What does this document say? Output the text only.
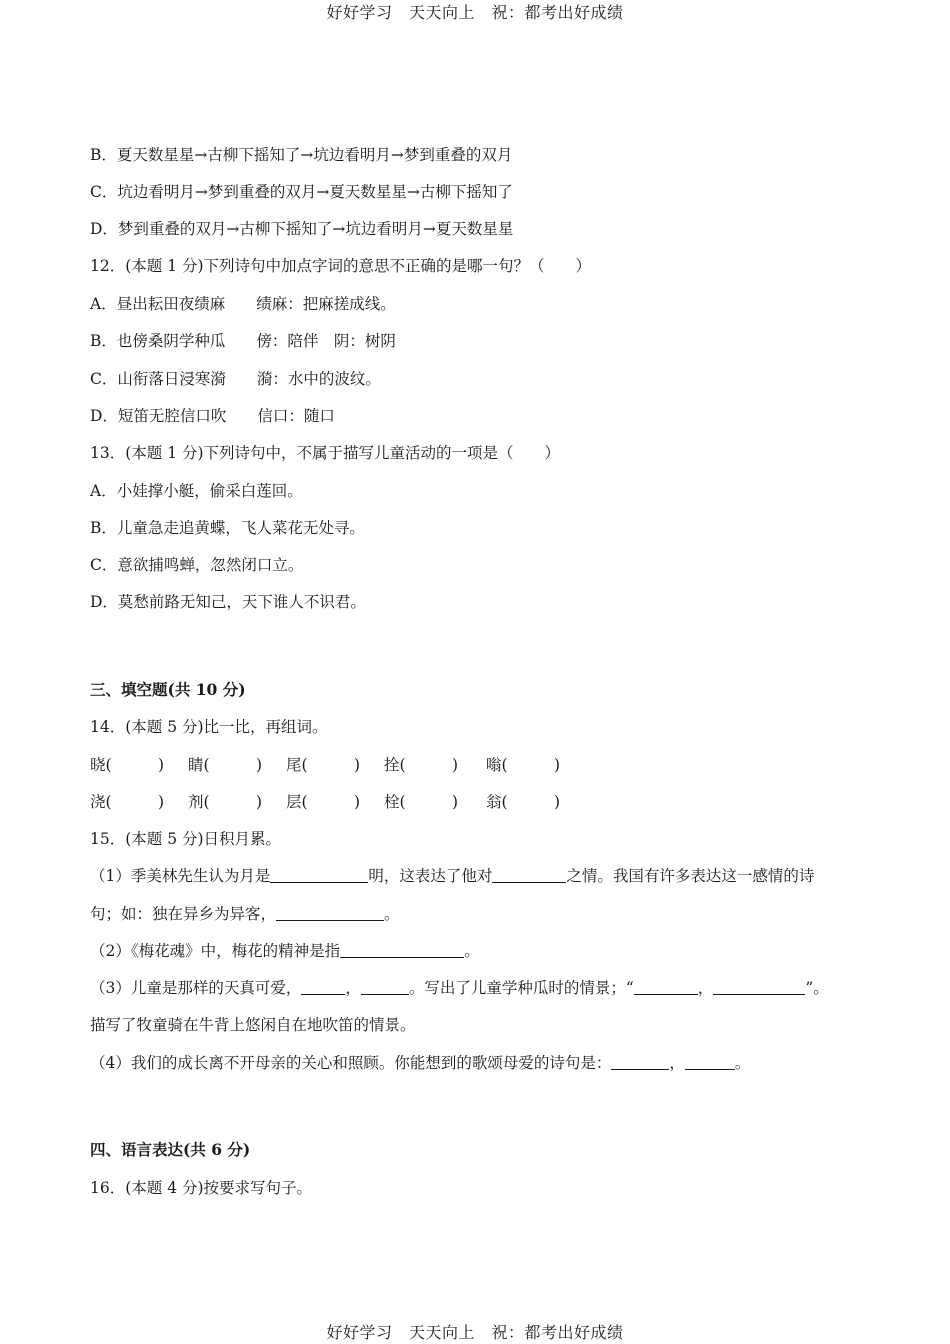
好好学习　天天向上　祝：都考出好成绩
B．夏天数星星→古柳下摇知了→坑边看明月→梦到重叠的双月
C．坑边看明月→梦到重叠的双月→夏天数星星→古柳下摇知了
D．梦到重叠的双月→古柳下摇知了→坑边看明月→夏天数星星
12．(本题 1 分)下列诗句中加点字词的意思不正确的是哪一句？（　　）
A．昼出耘田夜绩麻　　绩麻：把麻搓成线。
B．也傍桑阴学种瓜　　傍：陪伴　阴：树阴
C．山衔落日浸寒漪　　漪：水中的波纹。
D．短笛无腔信口吹　　信口：随口
13．(本题 1 分)下列诗句中，不属于描写儿童活动的一项是（　　）
A．小娃撑小艇，偷采白莲回。
B．儿童急走追黄蝶，飞人菜花无处寻。
C．意欲捕鸣蝉，忽然闭口立。
D．莫愁前路无知己，天下谁人不识君。
三、填空题(共 10 分)
14．(本题 5 分)比一比，再组词。
晓(　　　) 睛(　　　) 尾(　　　) 拴(　　　) 嗡(　　　)
浇(　　　) 剂(　　　) 层(　　　) 栓(　　　) 翁(　　　)
15．(本题 5 分)日积月累。
（1）季美林先生认为月是	明，这表达了他对	之情。我国有许多表达这一感情的诗
句；如：独在异乡为异客，	。
（2）《梅花魂》中，梅花的精神是指	。
（3）儿童是那样的天真可爱，	，	。写出了儿童学种瓜时的情景；“	，	”。
描写了牧童骑在牛背上悠闲自在地吹笛的情景。
（4）我们的成长离不开母亲的关心和照顾。你能想到的歌颂母爱的诗句是：	，	。
四、语言表达(共 6 分)
16．(本题 4 分)按要求写句子。
好好学习　天天向上　祝：都考出好成绩
